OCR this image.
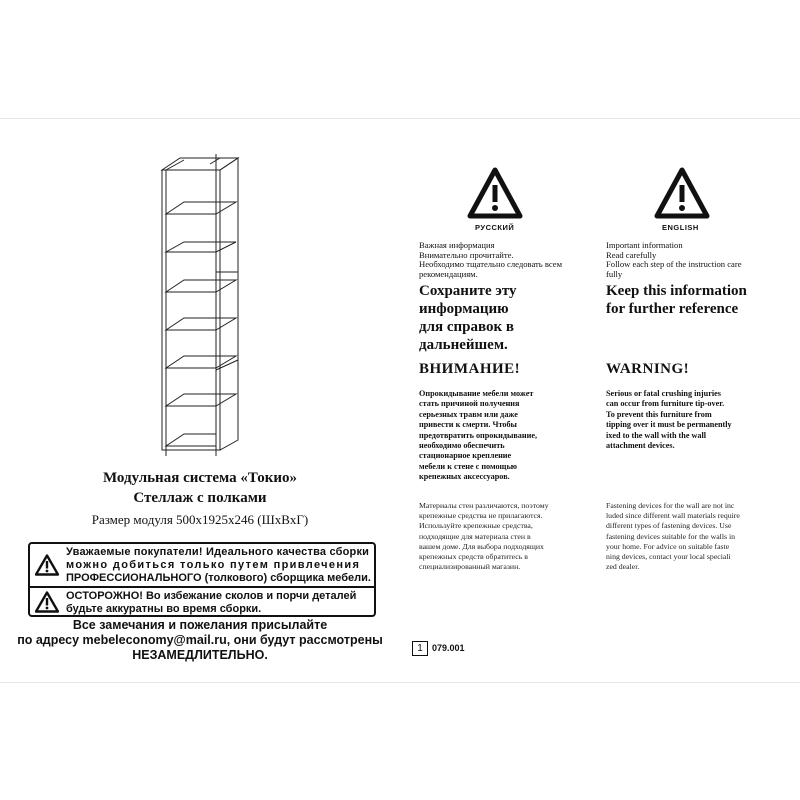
Модульная система «Токио»
Стеллаж с полками
Размер модуля 500x1925x246 (ШxВxГ)
Уважаемые покупатели! Идеального качества сборки
можно добиться только путем привлечения
ПРОФЕССИОНАЛЬНОГО (толкового) сборщика мебели.
ОСТОРОЖНО! Во избежание сколов и порчи деталей
будьте аккуратны во время сборки.
Все замечания и пожелания присылайте
по адресу mebeleconomy@mail.ru, они будут рассмотрены
НЕЗАМЕДЛИТЕЛЬНО.
РУССКИЙ
Важная информация
Внимательно прочитайте.
Необходимо тщательно следовать всем
рекомендациям.
Сохраните эту
информацию
для справок в
дальнейшем.
ВНИМАНИЕ!
Опрокидывание мебели может
стать причиной получения
серьезных травм или даже
привести к смерти. Чтобы
предотвратить опрокидывание,
необходимо обеспечить
стационарное крепление
мебели к стене с помощью
крепежных аксессуаров.
Материалы стен различаются, поэтому
крепежные средства не прилагаются.
Используйте крепежные средства,
подходящие для материала стен в
вашем доме. Для выбора подходящих
крепежных средств обратитесь в
специализированный магазин.
ENGLISH
Important information
Read carefully
Follow each step of the instruction care
fully
Keep this information
for further reference
WARNING!
Serious or fatal crushing injuries
can occur from furniture tip-over.
To prevent this furniture from
tipping over it must be permanently
ixed to the wall with the wall
attachment devices.
Fastening devices for the wall are not inc
luded since different wall materials require
different types of fastening devices. Use
fastening devices suitable for the walls in
your home. For advice on suitable faste
ning devices, contact your local speciali
zed dealer.
1	079.001
